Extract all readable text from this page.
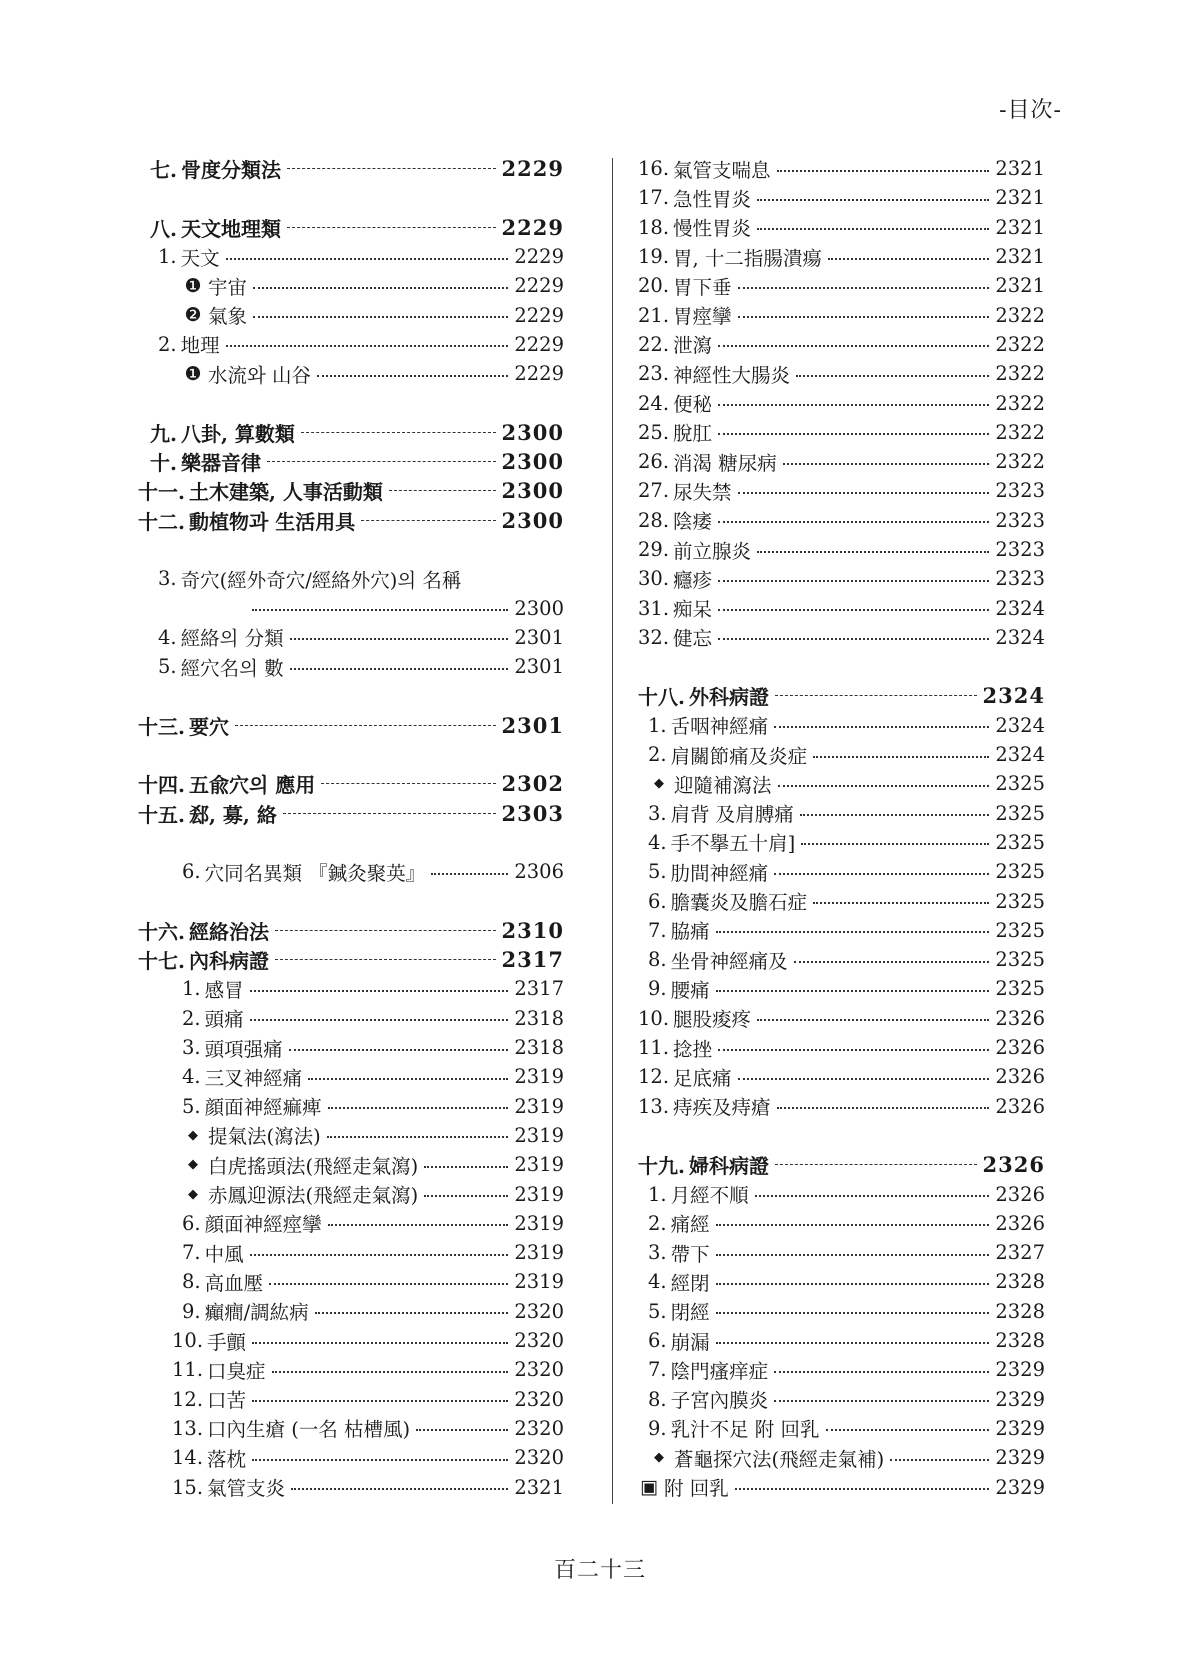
-目次-
七. 骨度分類法	2229
八. 天文地理類	2229
1. 天文	2229
❶ 宇宙	2229
❷ 氣象	2229
2. 地理	2229
❶ 水流와 山谷	2229
九. 八卦, 算數類	2300
十. 樂器音律	2300
十一. 土木建築, 人事活動類	2300
十二. 動植物과 生活用具	2300
3. 奇穴(經外奇穴/經絡外穴)의 名稱
2300
4. 經絡의 分類	2301
5. 經穴名의 數	2301
十三. 要穴	2301
十四. 五兪穴의 應用	2302
十五. 郄, 募, 絡	2303
6. 穴同名異類 『鍼灸聚英』	2306
十六. 經絡治法	2310
十七. 內科病證	2317
1. 感冒	2317
2. 頭痛	2318
3. 頭項强痛	2318
4. 三叉神經痛	2319
5. 顔面神經痲痺	2319
◆ 提氣法(瀉法)	2319
◆ 白虎搖頭法(飛經走氣瀉)	2319
◆ 赤鳳迎源法(飛經走氣瀉)	2319
6. 顔面神經痙攣	2319
7. 中風	2319
8. 高血壓	2319
9. 癲癎/調紘病	2320
10. 手顫	2320
11. 口臭症	2320
12. 口苦	2320
13. 口內生瘡 (一名 枯槽風)	2320
14. 落枕	2320
15. 氣管支炎	2321
16. 氣管支喘息	2321
17. 急性胃炎	2321
18. 慢性胃炎	2321
19. 胃, 十二指腸潰瘍	2321
20. 胃下垂	2321
21. 胃痙攣	2322
22. 泄瀉	2322
23. 神經性大腸炎	2322
24. 便秘	2322
25. 脫肛	2322
26. 消渴 糖尿病	2322
27. 尿失禁	2323
28. 陰痿	2323
29. 前立腺炎	2323
30. 癮疹	2323
31. 痴呆	2324
32. 健忘	2324
十八. 外科病證	2324
1. 舌咽神經痛	2324
2. 肩關節痛及炎症	2324
◆ 迎隨補瀉法	2325
3. 肩背 及肩膊痛	2325
4. 手不擧五十肩]	2325
5. 肋間神經痛	2325
6. 膽囊炎及膽石症	2325
7. 脇痛	2325
8. 坐骨神經痛及	2325
9. 腰痛	2325
10. 腿股痠疼	2326
11. 捻挫	2326
12. 足底痛	2326
13. 痔疾及痔瘡	2326
十九. 婦科病證	2326
1. 月經不順	2326
2. 痛經	2326
3. 帶下	2327
4. 經閉	2328
5. 閉經	2328
6. 崩漏	2328
7. 陰門瘙痒症	2329
8. 子宮內膜炎	2329
9. 乳汁不足 附 回乳	2329
◆ 蒼龜探穴法(飛經走氣補)	2329
▣ 附 回乳	2329
百二十三
